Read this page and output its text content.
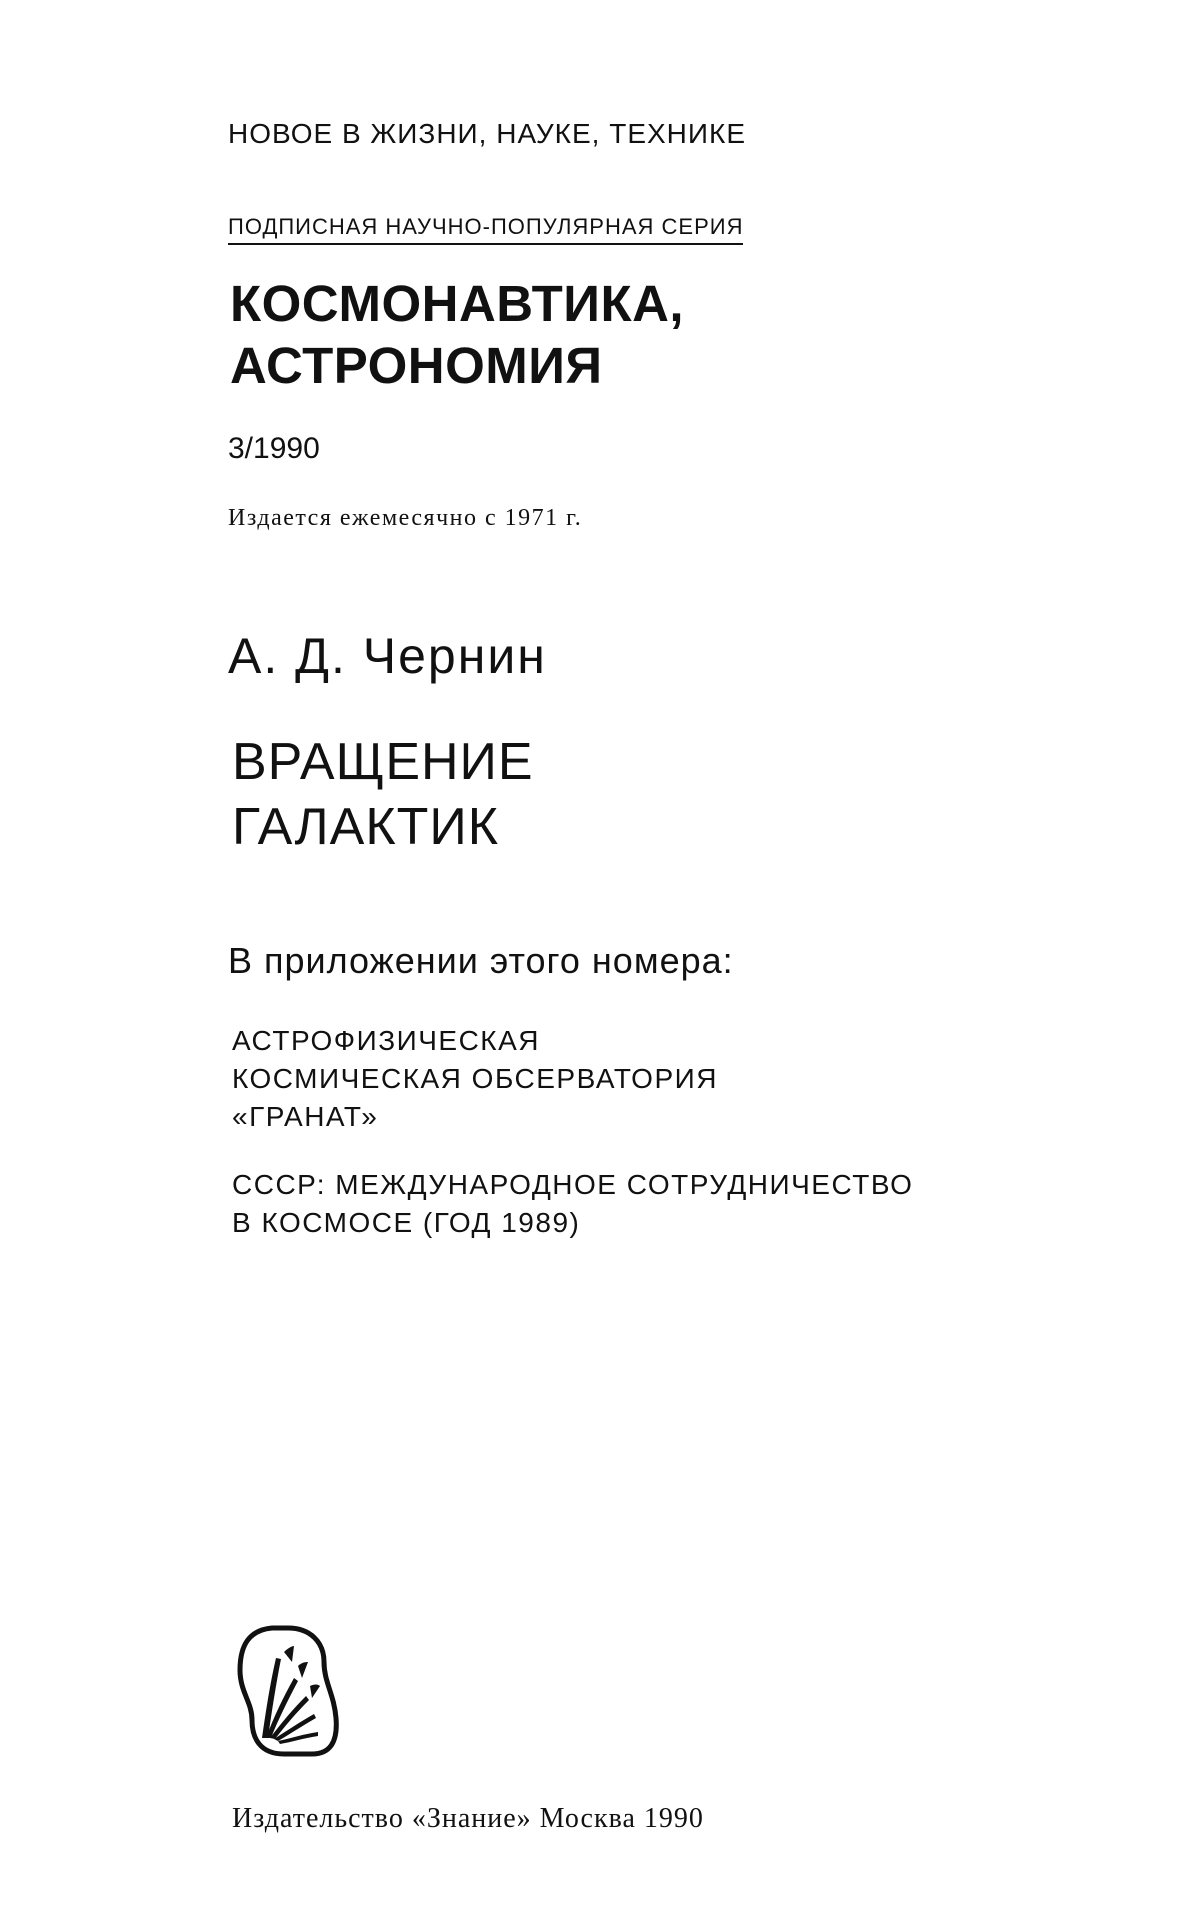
НОВОЕ В ЖИЗНИ, НАУКЕ, ТЕХНИКЕ
ПОДПИСНАЯ НАУЧНО-ПОПУЛЯРНАЯ СЕРИЯ
КОСМОНАВТИКА,
АСТРОНОМИЯ
3/1990
Издается ежемесячно с 1971 г.
А. Д. Чернин
ВРАЩЕНИЕ
ГАЛАКТИК
В приложении этого номера:
АСТРОФИЗИЧЕСКАЯ
КОСМИЧЕСКАЯ ОБСЕРВАТОРИЯ
«ГРАНАТ»
СССР: МЕЖДУНАРОДНОЕ СОТРУДНИЧЕСТВО
В КОСМОСЕ (ГОД 1989)
Издательство «Знание» Москва 1990
